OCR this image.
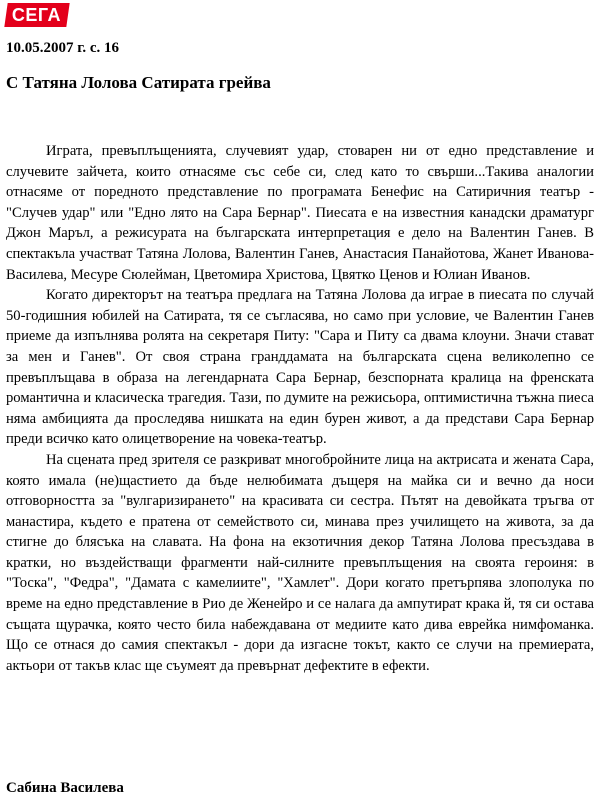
СЕГА
10.05.2007 г. с. 16
С Татяна Лолова Сатирата грейва

Играта, превъплъщенията, случевият удар, стоварен ни от едно представление и случевите зайчета, които отнасяме със себе си, след като то свърши...Такива аналогии отнасяме от поредното представление по програмата Бенефис на Сатиричния театър - "Случев удар" или "Едно лято на Сара Бернар". Пиесата е на известния канадски драматург Джон Маръл, а режисурата на българската интерпретация е дело на Валентин Ганев. В спектакъла участват Татяна Лолова, Валентин Ганев, Анастасия Панайотова, Жанет Иванова-Василева, Месуре Сюлейман, Цветомира Христова, Цвятко Ценов и Юлиан Иванов.

Когато директорът на театъра предлага на Татяна Лолова да играе в пиесата по случай 50-годишния юбилей на Сатирата, тя се съгласява, но само при условие, че Валентин Ганев приеме да изпълнява ролята на секретаря Питу: "Сара и Питу са двама клоуни. Значи стават за мен и Ганев". От своя страна гранддамата на българската сцена великолепно се превъплъщава в образа на легендарната Сара Бернар, безспорната кралица на френската романтична и класическа трагедия. Тази, по думите на режисьора, оптимистична тъжна пиеса няма амбицията да проследява нишката на един бурен живот, а да представи Сара Бернар преди всичко като олицетворение на човека-театър.

На сцената пред зрителя се разкриват многобройните лица на актрисата и жената Сара, която имала (не)щастието да бъде нелюбимата дъщеря на майка си и вечно да носи отговорността за "вулгаризирането" на красивата си сестра. Пътят на девойката тръгва от манастира, където е пратена от семейството си, минава през училището на живота, за да стигне до блясъка на славата. На фона на екзотичния декор Татяна Лолова пресъздава в кратки, но въздействащи фрагменти най-силните превъплъщения на своята героиня: в "Тоска", "Федра", "Дамата с камелиите", "Хамлет". Дори когато претърпява злополука по време на едно представление в Рио де Женейро и се налага да ампутират крака й, тя си остава същата щурачка, която често била набеждавана от медиите като дива еврейка нимфоманка. Що се отнася до самия спектакъл - дори да изгасне токът, както се случи на премиерата, актьори от такъв клас ще съумеят да превърнат дефектите в ефекти.

Сабина Василева
